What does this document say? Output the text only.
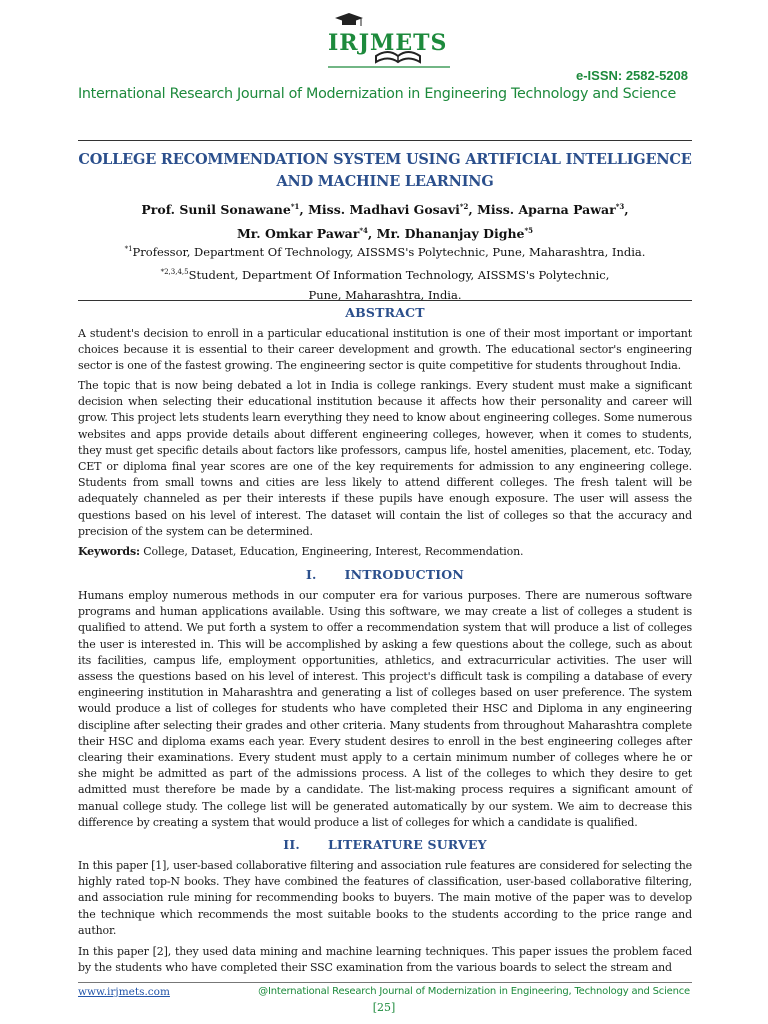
IRJMETS
e-ISSN: 2582-5208
International Research Journal of Modernization in Engineering Technology and Science
COLLEGE RECOMMENDATION SYSTEM USING ARTIFICIAL INTELLIGENCE
AND MACHINE LEARNING
Prof. Sunil Sonawane$^{*1}$, Miss. Madhavi Gosavi$^{*2}$, Miss. Aparna Pawar$^{*3}$,
Mr. Omkar Pawar$^{*4}$, Mr. Dhananjay Dighe$^{*5}$
$^{*1}$Professor, Department Of Technology, AISSMS's Polytechnic, Pune, Maharashtra, India.
$^{*2,3,4,5}$Student, Department Of Information Technology, AISSMS's Polytechnic,
Pune, Maharashtra, India.
ABSTRACT
A student's decision to enroll in a particular educational institution is one of their most important or important choices because it is essential to their career development and growth. The educational sector's engineering sector is one of the fastest growing. The engineering sector is quite competitive for students throughout India.
The topic that is now being debated a lot in India is college rankings. Every student must make a significant decision when selecting their educational institution because it affects how their personality and career will grow. This project lets students learn everything they need to know about engineering colleges. Some numerous websites and apps provide details about different engineering colleges, however, when it comes to students, they must get specific details about factors like professors, campus life, hostel amenities, placement, etc. Today, CET or diploma final year scores are one of the key requirements for admission to any engineering college. Students from small towns and cities are less likely to attend different colleges. The fresh talent will be adequately channeled as per their interests if these pupils have enough exposure. The user will assess the questions based on his level of interest. The dataset will contain the list of colleges so that the accuracy and precision of the system can be determined.
Keywords: College, Dataset, Education, Engineering, Interest, Recommendation.
I. INTRODUCTION
Humans employ numerous methods in our computer era for various purposes. There are numerous software programs and human applications available. Using this software, we may create a list of colleges a student is qualified to attend. We put forth a system to offer a recommendation system that will produce a list of colleges the user is interested in. This will be accomplished by asking a few questions about the college, such as about its facilities, campus life, employment opportunities, athletics, and extracurricular activities. The user will assess the questions based on his level of interest. This project's difficult task is compiling a database of every engineering institution in Maharashtra and generating a list of colleges based on user preference. The system would produce a list of colleges for students who have completed their HSC and Diploma in any engineering discipline after selecting their grades and other criteria. Many students from throughout Maharashtra complete their HSC and diploma exams each year. Every student desires to enroll in the best engineering colleges after clearing their examinations. Every student must apply to a certain minimum number of colleges where he or she might be admitted as part of the admissions process. A list of the colleges to which they desire to get admitted must therefore be made by a candidate. The list-making process requires a significant amount of manual college study. The college list will be generated automatically by our system. We aim to decrease this difference by creating a system that would produce a list of colleges for which a candidate is qualified.
II. LITERATURE SURVEY
In this paper [1], user-based collaborative filtering and association rule features are considered for selecting the highly rated top-N books. They have combined the features of classification, user-based collaborative filtering, and association rule mining for recommending books to buyers. The main motive of the paper was to develop the technique which recommends the most suitable books to the students according to the price range and author.
In this paper [2], they used data mining and machine learning techniques. This paper issues the problem faced by the students who have completed their SSC examination from the various boards to select the stream and
www.irjmets.com	@International Research Journal of Modernization in Engineering, Technology and Science
[25]
